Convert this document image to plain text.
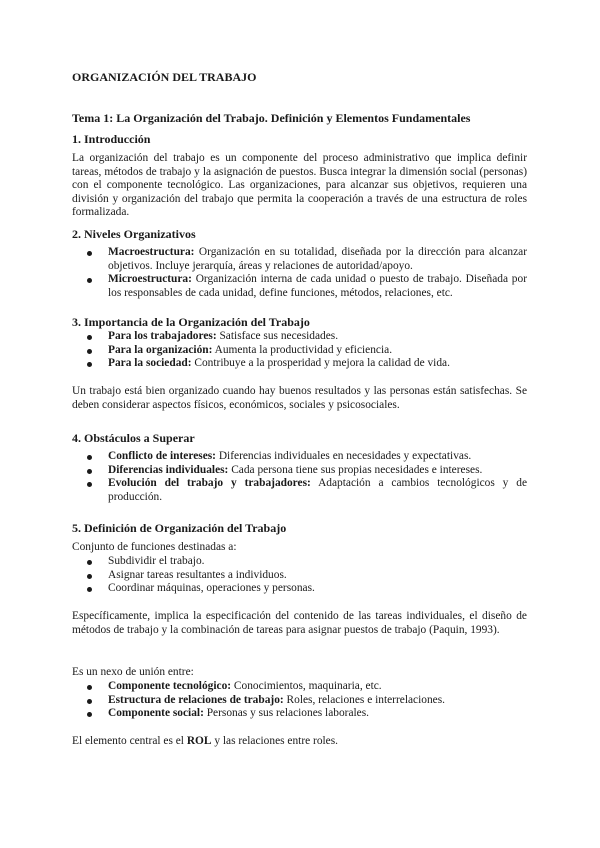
ORGANIZACIÓN DEL TRABAJO
Tema 1: La Organización del Trabajo. Definición y Elementos Fundamentales
1. Introducción

La organización del trabajo es un componente del proceso administrativo que implica definir tareas, métodos de trabajo y la asignación de puestos. Busca integrar la dimensión social (personas) con el componente tecnológico. Las organizaciones, para alcanzar sus objetivos, requieren una división y organización del trabajo que permita la cooperación a través de una estructura de roles formalizada.

2. Niveles Organizativos
Macroestructura: Organización en su totalidad, diseñada por la dirección para alcanzar objetivos. Incluye jerarquía, áreas y relaciones de autoridad/apoyo.
Microestructura: Organización interna de cada unidad o puesto de trabajo. Diseñada por los responsables de cada unidad, define funciones, métodos, relaciones, etc.
3. Importancia de la Organización del Trabajo
Para los trabajadores: Satisface sus necesidades.
Para la organización: Aumenta la productividad y eficiencia.
Para la sociedad: Contribuye a la prosperidad y mejora la calidad de vida.

Un trabajo está bien organizado cuando hay buenos resultados y las personas están satisfechas. Se deben considerar aspectos físicos, económicos, sociales y psicosociales.

4. Obstáculos a Superar
Conflicto de intereses: Diferencias individuales en necesidades y expectativas.
Diferencias individuales: Cada persona tiene sus propias necesidades e intereses.
Evolución del trabajo y trabajadores: Adaptación a cambios tecnológicos y de producción.
5. Definición de Organización del Trabajo

Conjunto de funciones destinadas a:

Subdividir el trabajo.
Asignar tareas resultantes a individuos.
Coordinar máquinas, operaciones y personas.

Específicamente, implica la especificación del contenido de las tareas individuales, el diseño de métodos de trabajo y la combinación de tareas para asignar puestos de trabajo (Paquin, 1993).

Es un nexo de unión entre:

Componente tecnológico: Conocimientos, maquinaria, etc.
Estructura de relaciones de trabajo: Roles, relaciones e interrelaciones.
Componente social: Personas y sus relaciones laborales.

El elemento central es el ROL y las relaciones entre roles.
